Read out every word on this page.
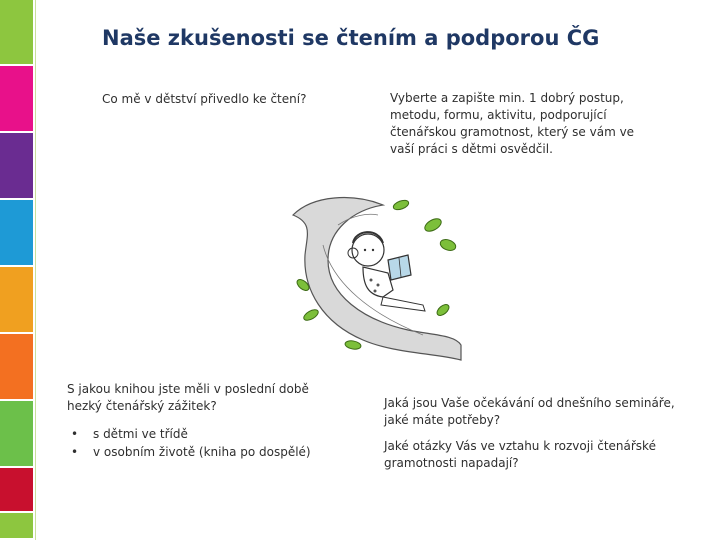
Naše zkušenosti se čtením a podporou ČG
Co mě v dětství přivedlo ke čtení?	Vyberte a zapište min. 1 dobrý postup, metodu, formu, aktivitu, podporující čtenářskou gramotnost, který se vám ve vaší práci s dětmi osvědčil.
S jakou knihou jste měli v poslední době hezký čtenářský zážitek?
• s dětmi ve třídě
• v osobním životě (kniha po dospělé)
Jaká jsou Vaše očekávání od dnešního semináře, jaké máte potřeby?
Jaké otázky Vás ve vztahu k rozvoji čtenářské gramotnosti napadají?
